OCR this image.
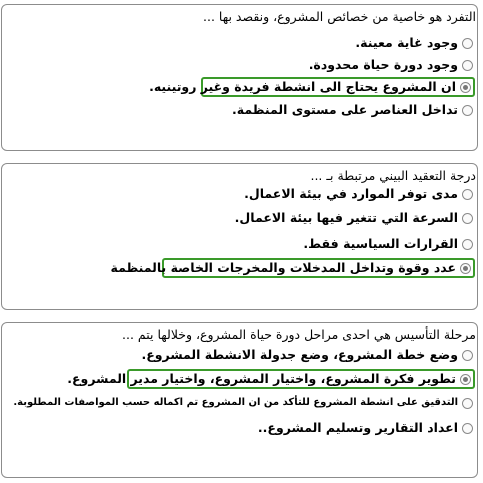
التفرد هو خاصية من خصائص المشروع، ونقصد بها ...
وجود غاية معينة.
وجود دورة حياة محدودة.
ان المشروع يحتاج الى انشطة فريدة وغير روتينيه.
تداخل العناصر على مستوى المنظمة.
درجة التعقيد البيني مرتبطة بـ ...
مدى توفر الموارد في بيئة الاعمال.
السرعة التي تتغير فيها بيئة الاعمال.
القرارات السياسية فقط.
عدد وقوة وتداخل المدخلات والمخرجات الخاصة بالمنظمة
مرحلة التأسيس هي احدى مراحل دورة حياة المشروع، وخلالها يتم ...
وضع خطة المشروع، وضع جدولة الانشطة المشروع.
تطوير فكرة المشروع، واختيار المشروع، واختيار مدير المشروع.
التدقيق على انشطة المشروع للتأكد من ان المشروع تم اكماله حسب المواصفات المطلوبة.
اعداد التقارير وتسليم المشروع..
